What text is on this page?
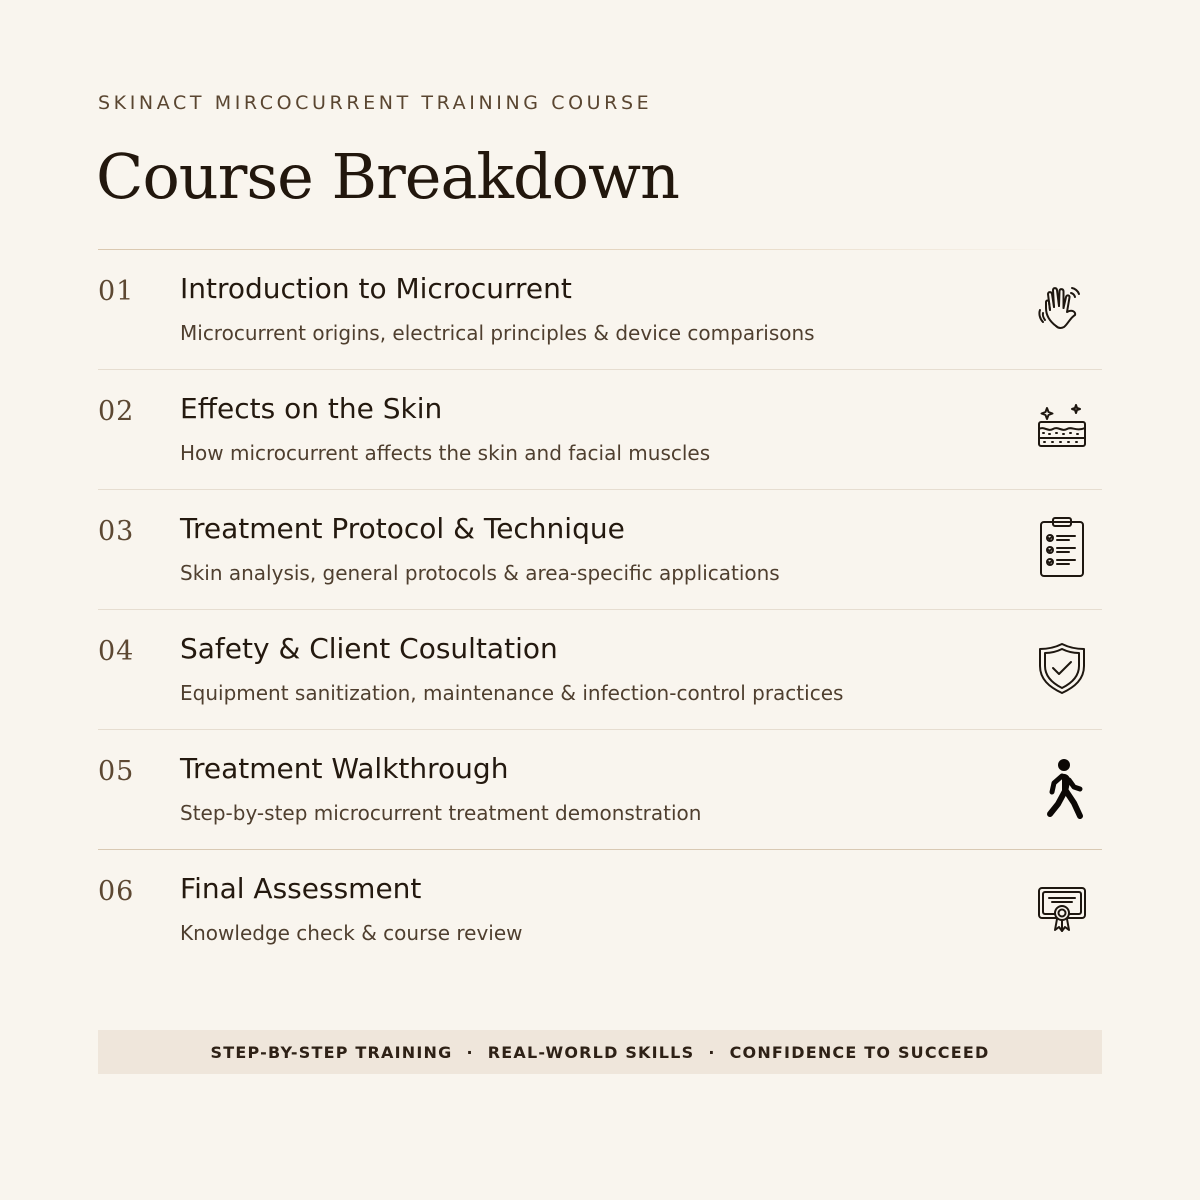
SKINACT MIRCOCURRENT TRAINING COURSE
Course Breakdown
01 Introduction to Microcurrent
Microcurrent origins, electrical principles & device comparisons
02 Effects on the Skin
How microcurrent affects the skin and facial muscles
03 Treatment Protocol & Technique
Skin analysis, general protocols & area-specific applications
04 Safety & Client Cosultation
Equipment sanitization, maintenance & infection-control practices
05 Treatment Walkthrough
Step-by-step microcurrent treatment demonstration
06 Final Assessment
Knowledge check & course review
STEP-BY-STEP TRAINING · REAL-WORLD SKILLS · CONFIDENCE TO SUCCEED
